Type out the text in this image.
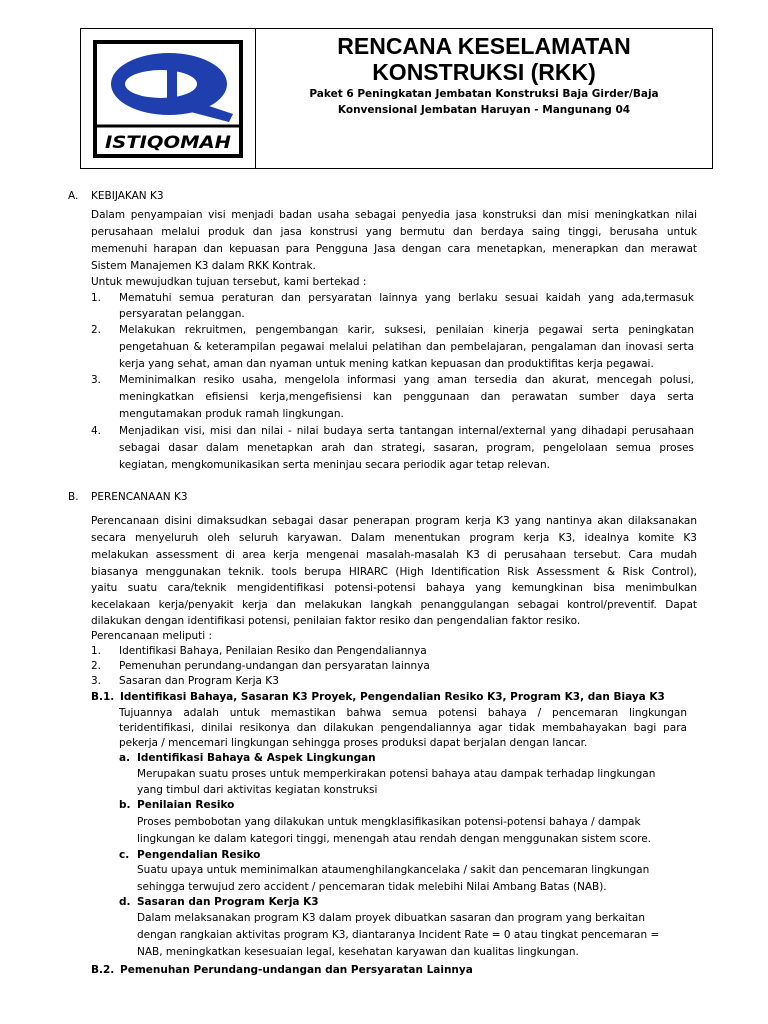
ISTIQOMAH
RENCANA KESELAMATAN
KONSTRUKSI (RKK)
Paket 6 Peningkatan Jembatan Konstruksi Baja Girder/Baja
Konvensional Jembatan Haruyan - Mangunang 04
A. KEBIJAKAN K3
Dalam penyampaian visi menjadi badan usaha sebagai penyedia jasa konstruksi dan misi meningkatkan nilai
perusahaan melalui produk dan jasa konstrusi yang bermutu dan berdaya saing tinggi, berusaha untuk
memenuhi harapan dan kepuasan para Pengguna Jasa dengan cara menetapkan, menerapkan dan merawat
Sistem Manajemen K3 dalam RKK Kontrak.
Untuk mewujudkan tujuan tersebut, kami bertekad :
1. Mematuhi semua peraturan dan persyaratan lainnya yang berlaku sesuai kaidah yang ada,termasuk
persyaratan pelanggan.
2. Melakukan rekruitmen, pengembangan karir, suksesi, penilaian kinerja pegawai serta peningkatan
pengetahuan & keterampilan pegawai melalui pelatihan dan pembelajaran, pengalaman dan inovasi serta
kerja yang sehat, aman dan nyaman untuk mening katkan kepuasan dan produktifitas kerja pegawai.
3. Meminimalkan resiko usaha, mengelola informasi yang aman tersedia dan akurat, mencegah polusi,
meningkatkan efisiensi kerja,mengefisiensi kan penggunaan dan perawatan sumber daya serta
mengutamakan produk ramah lingkungan.
4. Menjadikan visi, misi dan nilai - nilai budaya serta tantangan internal/external yang dihadapi perusahaan
sebagai dasar dalam menetapkan arah dan strategi, sasaran, program, pengelolaan semua proses
kegiatan, mengkomunikasikan serta meninjau secara periodik agar tetap relevan.
B. PERENCANAAN K3
Perencanaan disini dimaksudkan sebagai dasar penerapan program kerja K3 yang nantinya akan dilaksanakan
secara menyeluruh oleh seluruh karyawan. Dalam menentukan program kerja K3, idealnya komite K3
melakukan assessment di area kerja mengenai masalah-masalah K3 di perusahaan tersebut. Cara mudah
biasanya menggunakan teknik. tools berupa HIRARC (High Identification Risk Assessment & Risk Control),
yaitu suatu cara/teknik mengidentifikasi potensi-potensi bahaya yang kemungkinan bisa menimbulkan
kecelakaan kerja/penyakit kerja dan melakukan langkah penanggulangan sebagai kontrol/preventif. Dapat
dilakukan dengan identifikasi potensi, penilaian faktor resiko dan pengendalian faktor resiko.
Perencanaan meliputi :
1. Identifikasi Bahaya, Penilaian Resiko dan Pengendaliannya
2. Pemenuhan perundang-undangan dan persyaratan lainnya
3. Sasaran dan Program Kerja K3
B.1. Identifikasi Bahaya, Sasaran K3 Proyek, Pengendalian Resiko K3, Program K3, dan Biaya K3
Tujuannya adalah untuk memastikan bahwa semua potensi bahaya / pencemaran lingkungan
teridentifikasi, dinilai resikonya dan dilakukan pengendaliannya agar tidak membahayakan bagi para
pekerja / mencemari lingkungan sehingga proses produksi dapat berjalan dengan lancar.
a. Identifikasi Bahaya & Aspek Lingkungan
Merupakan suatu proses untuk memperkirakan potensi bahaya atau dampak terhadap lingkungan
yang timbul dari aktivitas kegiatan konstruksi
b. Penilaian Resiko
Proses pembobotan yang dilakukan untuk mengklasifikasikan potensi-potensi bahaya / dampak
lingkungan ke dalam kategori tinggi, menengah atau rendah dengan menggunakan sistem score.
c. Pengendalian Resiko
Suatu upaya untuk meminimalkan ataumenghilangkancelaka / sakit dan pencemaran lingkungan
sehingga terwujud zero accident / pencemaran tidak melebihi Nilai Ambang Batas (NAB).
d. Sasaran dan Program Kerja K3
Dalam melaksanakan program K3 dalam proyek dibuatkan sasaran dan program yang berkaitan
dengan rangkaian aktivitas program K3, diantaranya Incident Rate = 0 atau tingkat pencemaran =
NAB, meningkatkan kesesuaian legal, kesehatan karyawan dan kualitas lingkungan.
B.2. Pemenuhan Perundang-undangan dan Persyaratan Lainnya
